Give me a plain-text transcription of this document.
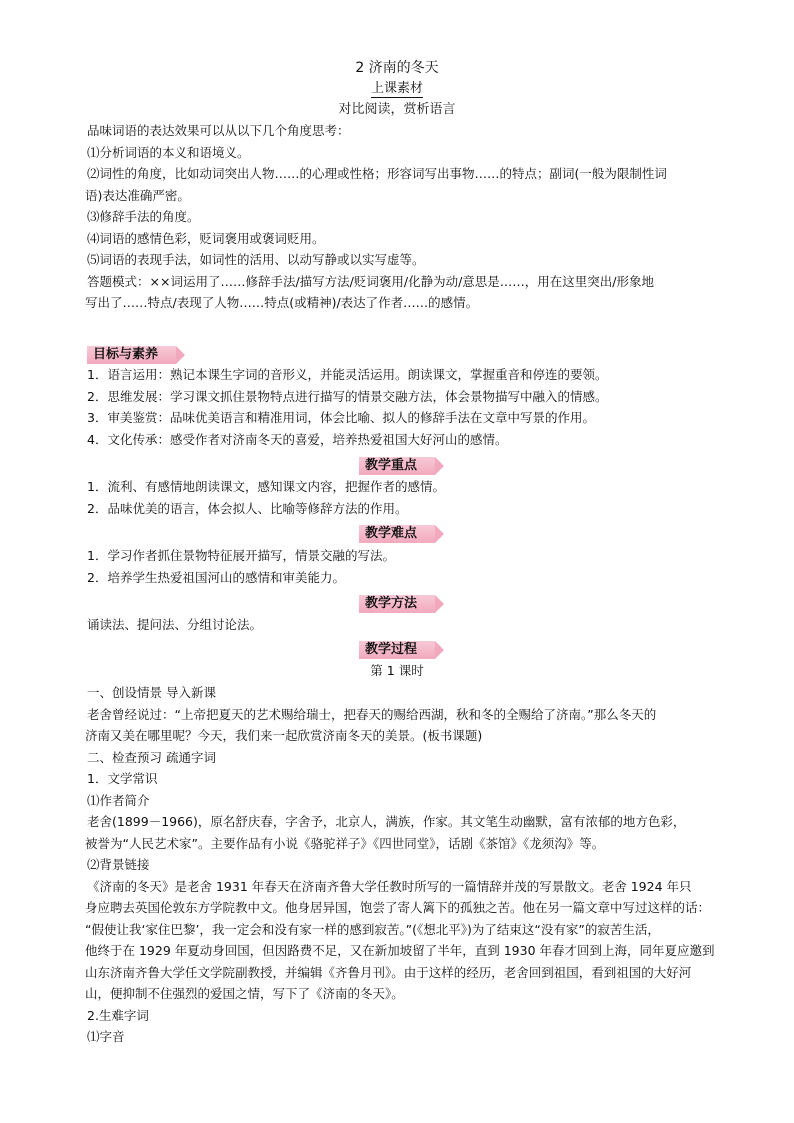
2 济南的冬天
上课素材
对比阅读，赏析语言

品味词语的表达效果可以从以下几个角度思考：

⑴分析词语的本义和语境义。

⑵词性的角度，比如动词突出人物……的心理或性格；形容词写出事物……的特点；副词(一般为限制性词

语)表达准确严密。

⑶修辞手法的角度。

⑷词语的感情色彩，贬词褒用或褒词贬用。

⑸词语的表现手法，如词性的活用、以动写静或以实写虚等。

答题模式：××词运用了……修辞手法/描写方法/贬词褒用/化静为动/意思是……，用在这里突出/形象地

写出了……特点/表现了人物……特点(或精神)/表达了作者……的感情。

目标与素养

1．语言运用：熟记本课生字词的音形义，并能灵活运用。朗读课文，掌握重音和停连的要领。

2．思维发展：学习课文抓住景物特点进行描写的情景交融方法，体会景物描写中融入的情感。

3．审美鉴赏：品味优美语言和精准用词，体会比喻、拟人的修辞手法在文章中写景的作用。

4．文化传承：感受作者对济南冬天的喜爱，培养热爱祖国大好河山的感情。

教学重点

1．流利、有感情地朗读课文，感知课文内容，把握作者的感情。

2．品味优美的语言，体会拟人、比喻等修辞方法的作用。

教学难点

1．学习作者抓住景物特征展开描写，情景交融的写法。

2．培养学生热爱祖国河山的感情和审美能力。

教学方法

诵读法、提问法、分组讨论法。

教学过程
第 1 课时

一、创设情景 导入新课

老舍曾经说过：“上帝把夏天的艺术赐给瑞士，把春天的赐给西湖，秋和冬的全赐给了济南。”那么冬天的

济南又美在哪里呢？今天，我们来一起欣赏济南冬天的美景。(板书课题)

二、检查预习 疏通字词

1．文学常识

⑴作者简介

老舍(1899－1966)，原名舒庆春，字舍予，北京人，满族，作家。其文笔生动幽默，富有浓郁的地方色彩，

被誉为“人民艺术家”。主要作品有小说《骆驼祥子》《四世同堂》，话剧《茶馆》《龙须沟》等。

⑵背景链接

《济南的冬天》是老舍 1931 年春天在济南齐鲁大学任教时所写的一篇情辞并茂的写景散文。老舍 1924 年只

身应聘去英国伦敦东方学院教中文。他身居异国，饱尝了寄人篱下的孤独之苦。他在另一篇文章中写过这样的话：

“假使让我‘家住巴黎’，我一定会和没有家一样的感到寂苦。”(《想北平》)为了结束这“没有家”的寂苦生活，

他终于在 1929 年夏动身回国，但因路费不足，又在新加坡留了半年，直到 1930 年春才回到上海，同年夏应邀到

山东济南齐鲁大学任文学院副教授，并编辑《齐鲁月刊》。由于这样的经历，老舍回到祖国，看到祖国的大好河

山，便抑制不住强烈的爱国之情，写下了《济南的冬天》。

2.生难字词

⑴字音
